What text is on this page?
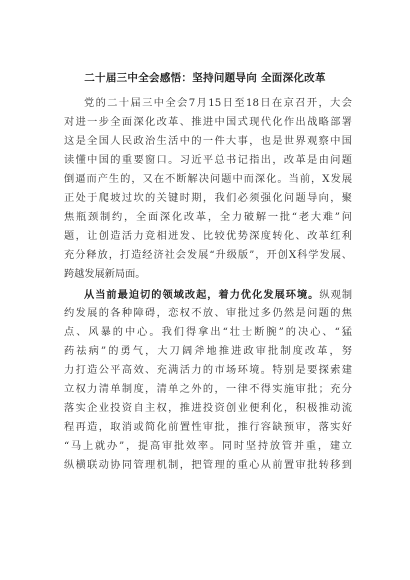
二十届三中全会感悟：坚持问题导向 全面深化改革
党的二十届三中全会7月15日至18日在京召开，大会
对进一步全面深化改革、推进中国式现代化作出战略部署
这是全国人民政治生活中的一件大事，也是世界观察中国
读懂中国的重要窗口。习近平总书记指出，改革是由问题
倒逼而产生的，又在不断解决问题中而深化。当前，X发展
正处于爬坡过坎的关键时期，我们必须强化问题导向，聚
焦瓶颈制约，全面深化改革，全力破解一批“老大难”问
题，让创造活力竞相迸发、比较优势深度转化、改革红利
充分释放，打造经济社会发展“升级版”，开创X科学发展、
跨越发展新局面。
从当前最迫切的领域改起，着力优化发展环境。纵观制
约发展的各种障碍，恋权不放、审批过多仍然是问题的焦
点、风暴的中心。我们得拿出“壮士断腕”的决心、“猛
药祛病”的勇气，大刀阔斧地推进政审批制度改革，努
力打造公平高效、充满活力的市场环境。特别是要探索建
立权力清单制度，清单之外的，一律不得实施审批；充分
落实企业投资自主权，推进投资创业便利化，积极推动流
程再造，取消或简化前置性审批，推行容缺预审，落实好
“马上就办”，提高审批效率。同时坚持放管并重，建立
纵横联动协同管理机制，把管理的重心从前置审批转移到
